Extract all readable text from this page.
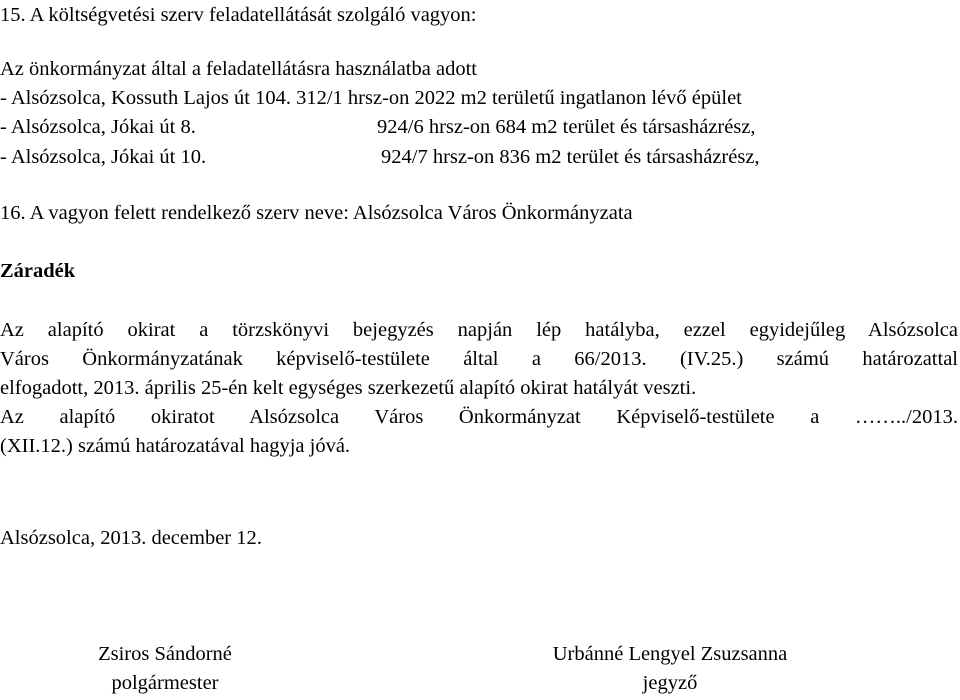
15. A költségvetési szerv feladatellátását szolgáló vagyon:
Az önkormányzat által a feladatellátásra használatba adott
- Alsózsolca, Kossuth Lajos út 104. 312/1 hrsz-on 2022 m2 területű ingatlanon lévő épület
- Alsózsolca, Jókai út 8.	924/6 hrsz-on 684 m2 terület és társasházrész,
- Alsózsolca, Jókai út 10.	924/7 hrsz-on 836 m2 terület és társasházrész,
16. A vagyon felett rendelkező szerv neve: Alsózsolca Város Önkormányzata
Záradék
Az alapító okirat a törzskönyvi bejegyzés napján lép hatályba, ezzel egyidejűleg Alsózsolca
Város Önkormányzatának képviselő-testülete által a 66/2013. (IV.25.) számú határozattal
elfogadott, 2013. április 25-én kelt egységes szerkezetű alapító okirat hatályát veszti.
Az alapító okiratot Alsózsolca Város Önkormányzat Képviselő-testülete a ……../2013.
(XII.12.) számú határozatával hagyja jóvá.
Alsózsolca, 2013. december 12.
Zsiros Sándorné
polgármester
Urbánné Lengyel Zsuzsanna
jegyző
